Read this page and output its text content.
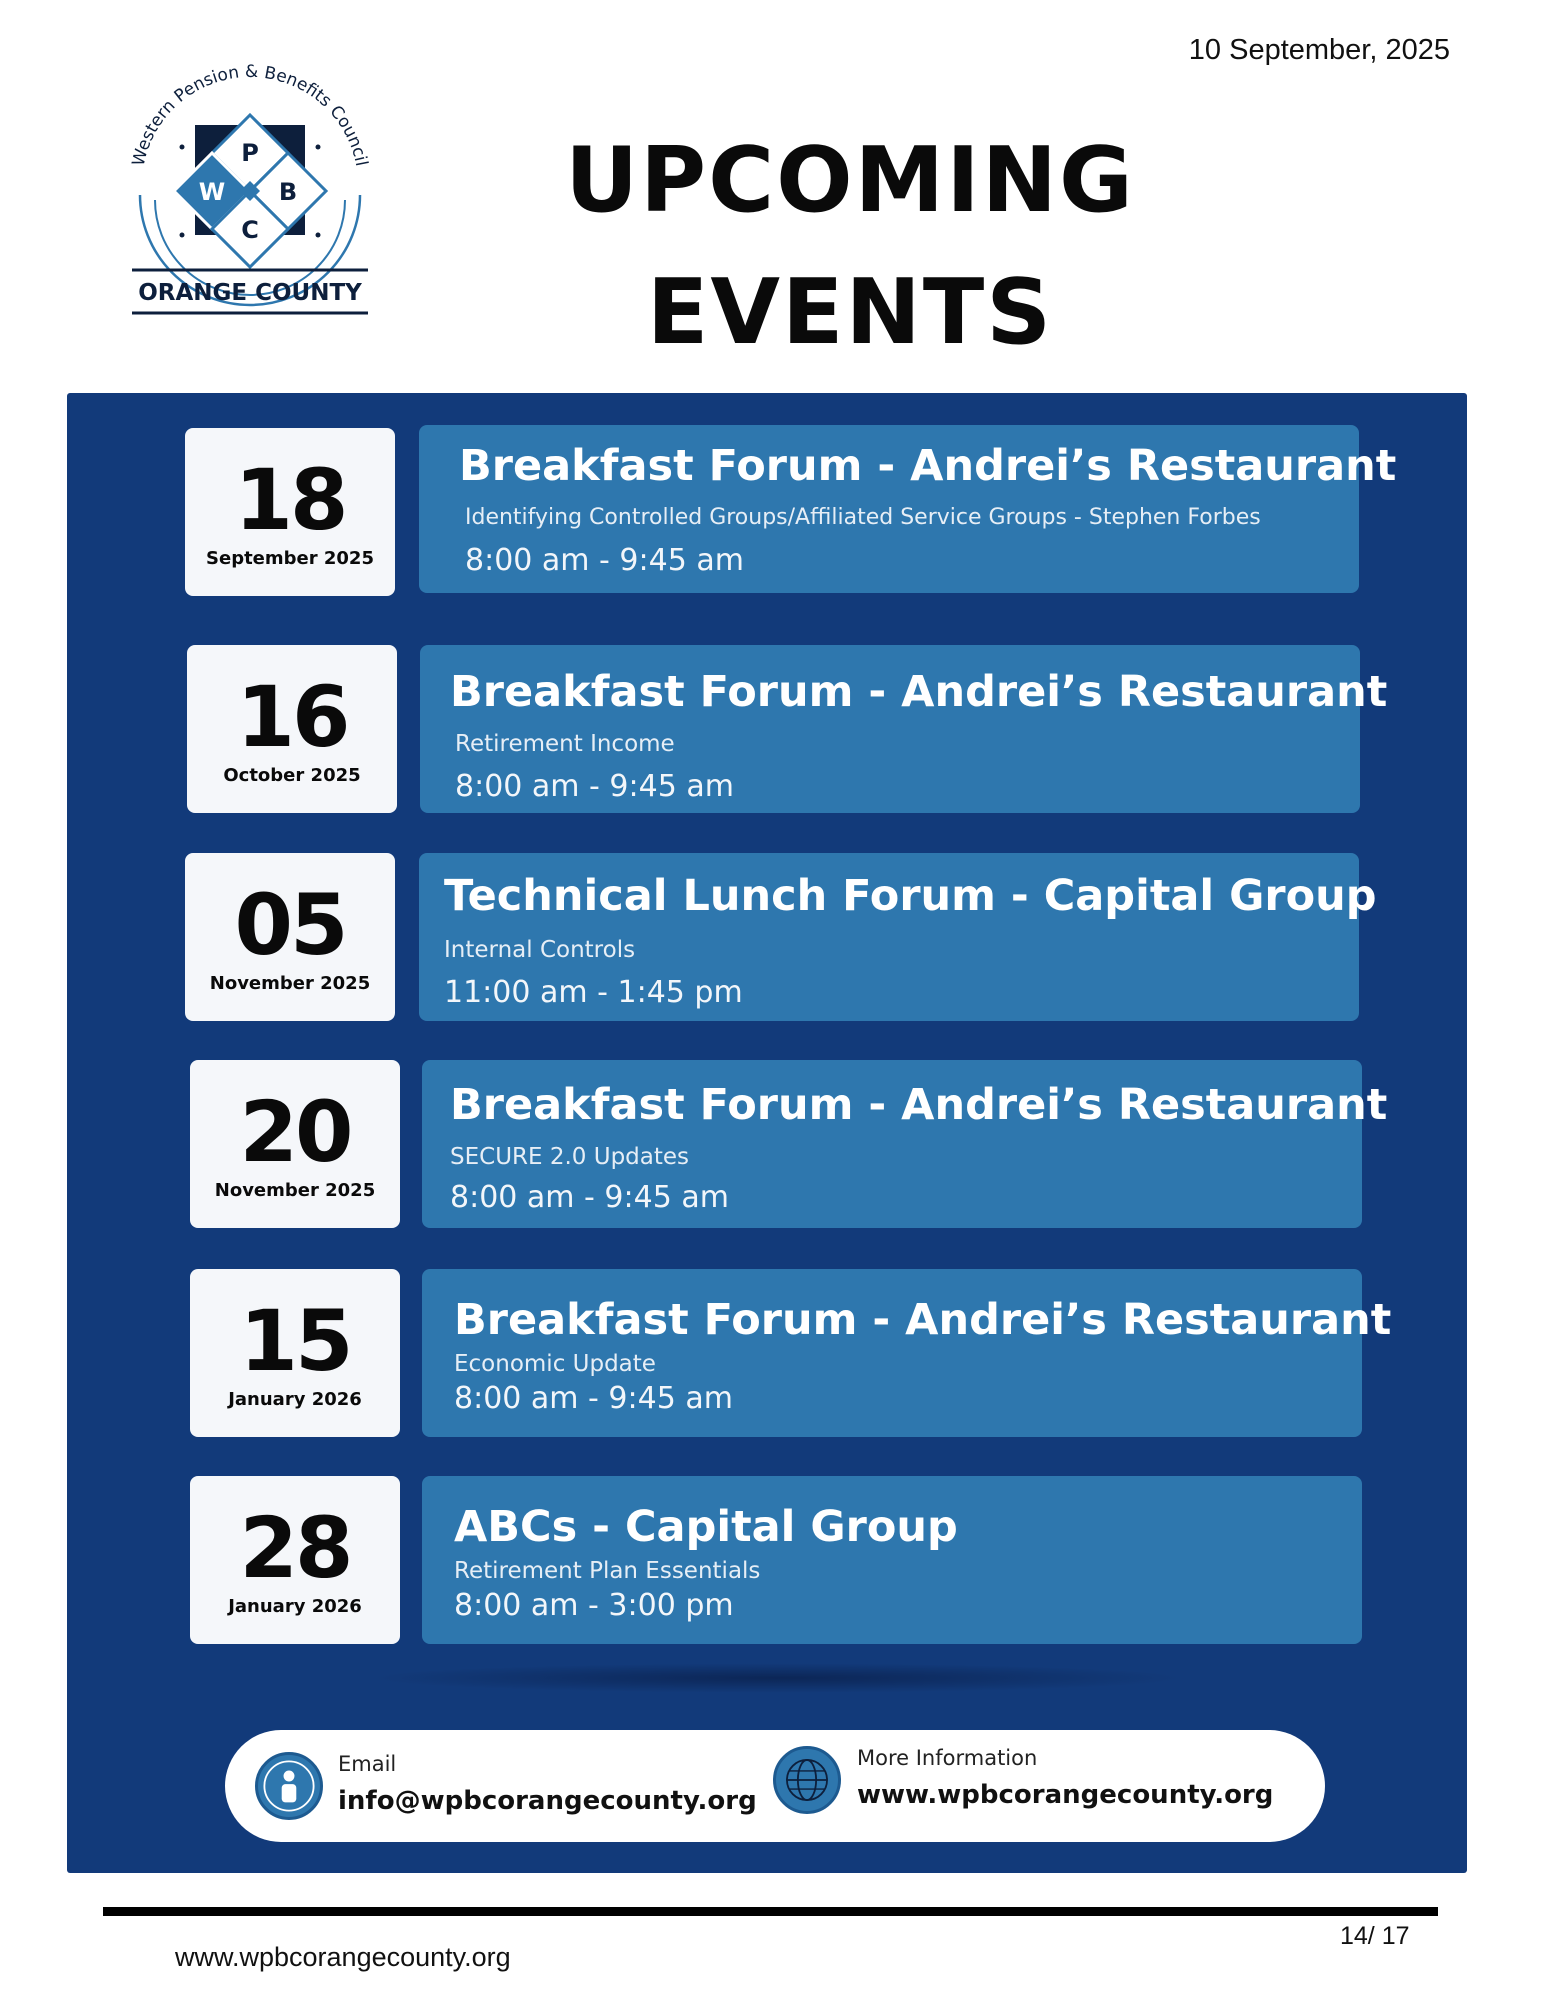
10 September, 2025
Western Pension & Benefits Council
P
W B
C
ORANGE COUNTY
UPCOMING
EVENTS
18
September 2025
Breakfast Forum - Andrei’s Restaurant
Identifying Controlled Groups/Affiliated Service Groups - Stephen Forbes
8:00 am - 9:45 am
16
October 2025
Breakfast Forum - Andrei’s Restaurant
Retirement Income
8:00 am - 9:45 am
05
November 2025
Technical Lunch Forum - Capital Group
Internal Controls
11:00 am - 1:45 pm
20
November 2025
Breakfast Forum - Andrei’s Restaurant
SECURE 2.0 Updates
8:00 am - 9:45 am
15
January 2026
Breakfast Forum - Andrei’s Restaurant
Economic Update
8:00 am - 9:45 am
28
January 2026
ABCs - Capital Group
Retirement Plan Essentials
8:00 am - 3:00 pm
Email
info@wpbcorangecounty.org
More Information
www.wpbcorangecounty.org
www.wpbcorangecounty.org
14/ 17
